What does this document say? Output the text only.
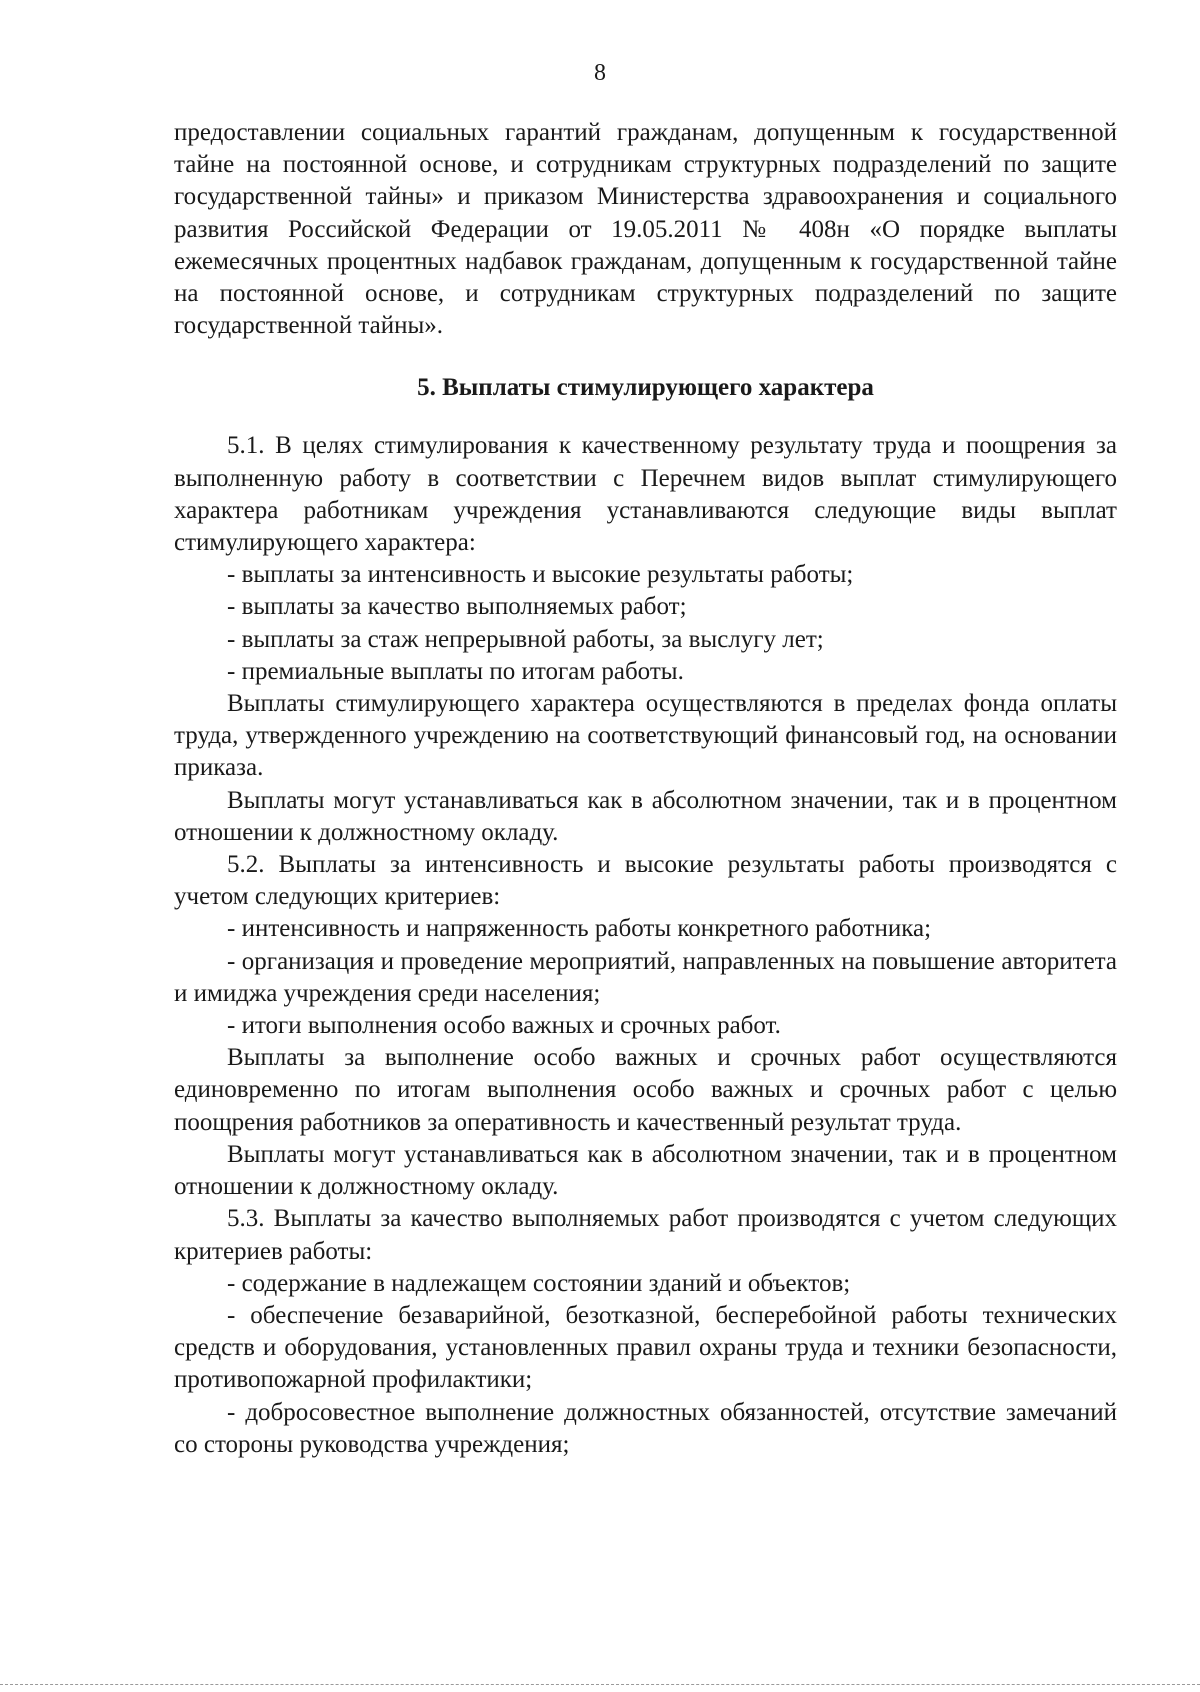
8

предоставлении социальных гарантий гражданам, допущенным к государственной тайне на постоянной основе, и сотрудникам структурных подразделений по защите государственной тайны» и приказом Министерства здравоохранения и социального развития Российской Федерации от 19.05.2011 № 408н «О порядке выплаты ежемесячных процентных надбавок гражданам, допущенным к государственной тайне на постоянной основе, и сотрудникам структурных подразделений по защите государственной тайны».

5. Выплаты стимулирующего характера

5.1. В целях стимулирования к качественному результату труда и поощрения за выполненную работу в соответствии с Перечнем видов выплат стимулирующего характера работникам учреждения устанавливаются следующие виды выплат стимулирующего характера:

- выплаты за интенсивность и высокие результаты работы;

- выплаты за качество выполняемых работ;

- выплаты за стаж непрерывной работы, за выслугу лет;

- премиальные выплаты по итогам работы.

Выплаты стимулирующего характера осуществляются в пределах фонда оплаты труда, утвержденного учреждению на соответствующий финансовый год, на основании приказа.

Выплаты могут устанавливаться как в абсолютном значении, так и в процентном отношении к должностному окладу.

5.2. Выплаты за интенсивность и высокие результаты работы производятся с учетом следующих критериев:

- интенсивность и напряженность работы конкретного работника;

- организация и проведение мероприятий, направленных на повышение авторитета и имиджа учреждения среди населения;

- итоги выполнения особо важных и срочных работ.

Выплаты за выполнение особо важных и срочных работ осуществляются единовременно по итогам выполнения особо важных и срочных работ с целью поощрения работников за оперативность и качественный результат труда.

Выплаты могут устанавливаться как в абсолютном значении, так и в процентном отношении к должностному окладу.

5.3. Выплаты за качество выполняемых работ производятся с учетом следующих критериев работы:

- содержание в надлежащем состоянии зданий и объектов;

- обеспечение безаварийной, безотказной, бесперебойной работы технических средств и оборудования, установленных правил охраны труда и техники безопасности, противопожарной профилактики;

- добросовестное выполнение должностных обязанностей, отсутствие замечаний со стороны руководства учреждения;
